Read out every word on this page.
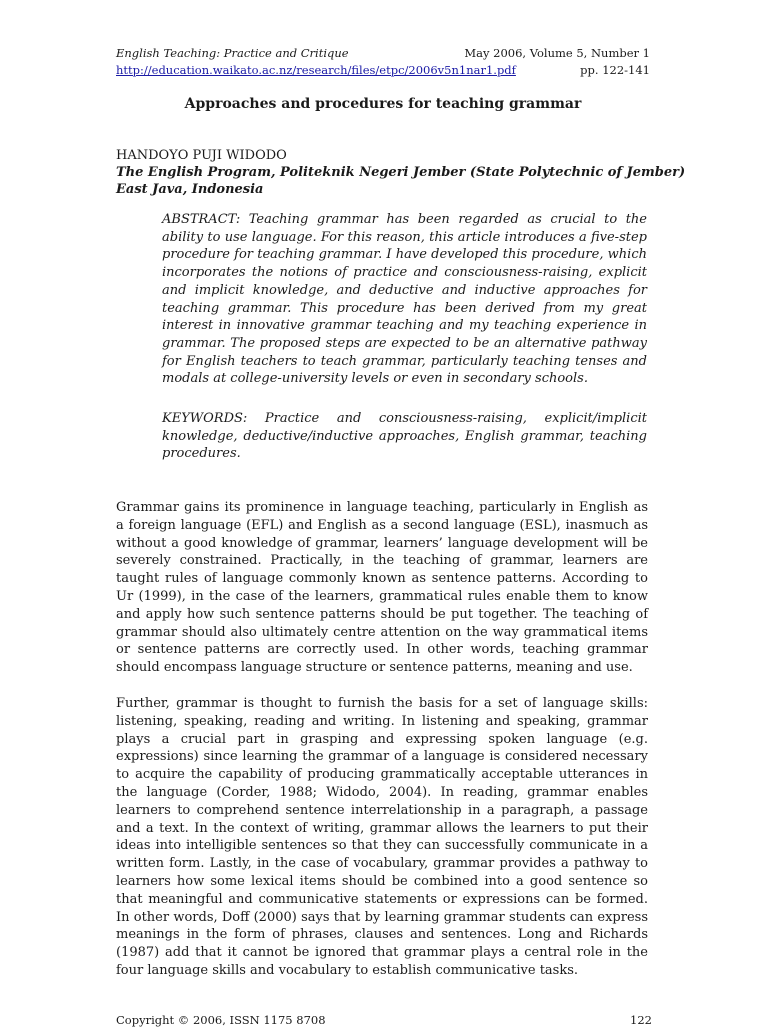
English Teaching: Practice and Critique	May 2006, Volume 5, Number 1
http://education.waikato.ac.nz/research/files/etpc/2006v5n1nar1.pdf	pp. 122-141
Approaches and procedures for teaching grammar
HANDOYO PUJI WIDODO
The English Program, Politeknik Negeri Jember (State Polytechnic of Jember)
East Java, Indonesia
ABSTRACT: Teaching grammar has been regarded as crucial to the ability to use language. For this reason, this article introduces a five-step procedure for teaching grammar. I have developed this procedure, which incorporates the notions of practice and consciousness-raising, explicit and implicit knowledge, and deductive and inductive approaches for teaching grammar. This procedure has been derived from my great interest in innovative grammar teaching and my teaching experience in grammar. The proposed steps are expected to be an alternative pathway for English teachers to teach grammar, particularly teaching tenses and modals at college-university levels or even in secondary schools.
KEYWORDS: Practice and consciousness-raising, explicit/implicit knowledge, deductive/inductive approaches, English grammar, teaching procedures.

Grammar gains its prominence in language teaching, particularly in English as a foreign language (EFL) and English as a second language (ESL), inasmuch as without a good knowledge of grammar, learners’ language development will be severely constrained. Practically, in the teaching of grammar, learners are taught rules of language commonly known as sentence patterns. According to Ur (1999), in the case of the learners, grammatical rules enable them to know and apply how such sentence patterns should be put together. The teaching of grammar should also ultimately centre attention on the way grammatical items or sentence patterns are correctly used. In other words, teaching grammar should encompass language structure or sentence patterns, meaning and use.

Further, grammar is thought to furnish the basis for a set of language skills: listening, speaking, reading and writing. In listening and speaking, grammar plays a crucial part in grasping and expressing spoken language (e.g. expressions) since learning the grammar of a language is considered necessary to acquire the capability of producing grammatically acceptable utterances in the language (Corder, 1988; Widodo, 2004). In reading, grammar enables learners to comprehend sentence interrelationship in a paragraph, a passage and a text. In the context of writing, grammar allows the learners to put their ideas into intelligible sentences so that they can successfully communicate in a written form. Lastly, in the case of vocabulary, grammar provides a pathway to learners how some lexical items should be combined into a good sentence so that meaningful and communicative statements or expressions can be formed. In other words, Doff (2000) says that by learning grammar students can express meanings in the form of phrases, clauses and sentences. Long and Richards (1987) add that it cannot be ignored that grammar plays a central role in the four language skills and vocabulary to establish communicative tasks.

Copyright © 2006, ISSN 1175 8708	122
